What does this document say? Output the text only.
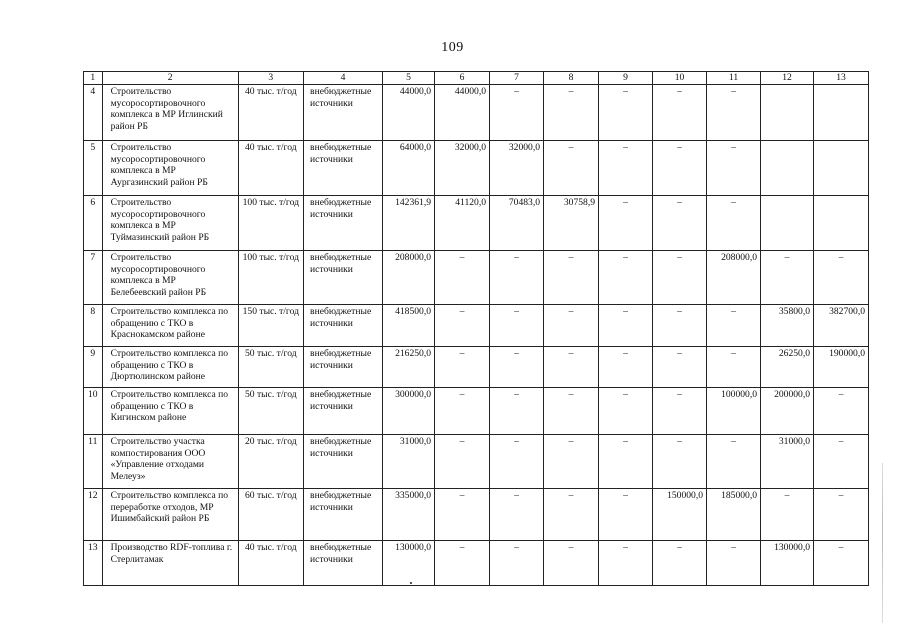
109
1	2	3	4	5	6	7	8	9	10	11	12	13
4	Строительство мусоросортировочного комплекса в МР Иглинский район РБ	40 тыс. т/год	внебюджетные источники	44000,0	44000,0	–	–	–	–	–		
5	Строительство мусоросортировочного комплекса в МР Аургазинский район РБ	40 тыс. т/год	внебюджетные источники	64000,0	32000,0	32000,0	–	–	–	–		
6	Строительство мусоросортировочного комплекса в МР Туймазинский район РБ	100 тыс. т/год	внебюджетные источники	142361,9	41120,0	70483,0	30758,9	–	–	–		
7	Строительство мусоросортировочного комплекса в МР Белебеевский район РБ	100 тыс. т/год	внебюджетные источники	208000,0	–	–	–	–	–	208000,0	–	–
8	Строительство комплекса по обращению с ТКО в Краснокамском районе	150 тыс. т/год	внебюджетные источники	418500,0	–	–	–	–	–	–	35800,0	382700,0
9	Строительство комплекса по обращению с ТКО в Дюртюлинском районе	50 тыс. т/год	внебюджетные источники	216250,0	–	–	–	–	–	–	26250,0	190000,0
10	Строительство комплекса по обращению с ТКО в Кигинском районе	50 тыс. т/год	внебюджетные источники	300000,0	–	–	–	–	–	100000,0	200000,0	–
11	Строительство участка компостирования ООО «Управление отходами Мелеуз»	20 тыс. т/год	внебюджетные источники	31000,0	–	–	–	–	–	–	31000,0	–
12	Строительство комплекса по переработке отходов, МР Ишимбайский район РБ	60 тыс. т/год	внебюджетные источники	335000,0	–	–	–	–	150000,0	185000,0	–	–
13	Производство RDF-топлива г. Стерлитамак	40 тыс. т/год	внебюджетные источники	130000,0	–	–	–	–	–	–	130000,0	–
